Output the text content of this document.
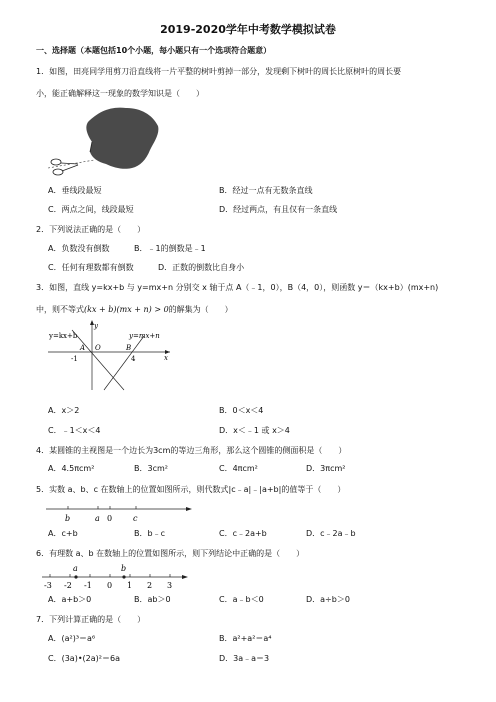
2019-2020学年中考数学模拟试卷
一、选择题（本题包括10个小题，每小题只有一个选项符合题意）
1．如图，田亮同学用剪刀沿直线将一片平整的树叶剪掉一部分，发现剩下树叶的周长比原树叶的周长要
小，能正确解释这一现象的数学知识是（　　）
A．垂线段最短	B．经过一点有无数条直线
C．两点之间，线段最短	D．经过两点，有且仅有一条直线
2．下列说法正确的是（　　）
A．负数没有倒数	B．﹣1的倒数是﹣1
C．任何有理数都有倒数	D．正数的倒数比自身小
3．如图，直线 y=kx+b 与 y=mx+n 分别交 x 轴于点 A（﹣1，0），B（4，0），则函数 y＝（kx+b）(mx+n)
中，则不等式(kx + b)(mx + n) > 0的解集为（　　）
y=kx+b	y=mx+n
y
x
A O	B
-1	4
A．x＞2	B．0＜x＜4
C．﹣1＜x＜4	D．x＜﹣1 或 x＞4
4．某圆锥的主视图是一个边长为3cm的等边三角形，那么这个圆锥的侧面积是（　　）
A．4.5πcm²	B．3cm²	C．4πcm²	D．3πcm²
5．实数 a、b、c 在数轴上的位置如图所示，则代数式|c﹣a|﹣|a+b|的值等于（　　）
b	a 0	c
A．c+b	B．b﹣c	C．c﹣2a+b	D．c﹣2a﹣b
6．有理数 a、b 在数轴上的位置如图所示，则下列结论中正确的是（　　）
a	b
-3 -2 -1 0 1 2 3
A．a+b＞0	B．ab＞0	C．a﹣b＜0	D．a÷b＞0
7．下列计算正确的是（　　）
A．(a²)³＝a⁶	B．a²+a²＝a⁴
C．(3a)•(2a)²＝6a	D．3a﹣a＝3
